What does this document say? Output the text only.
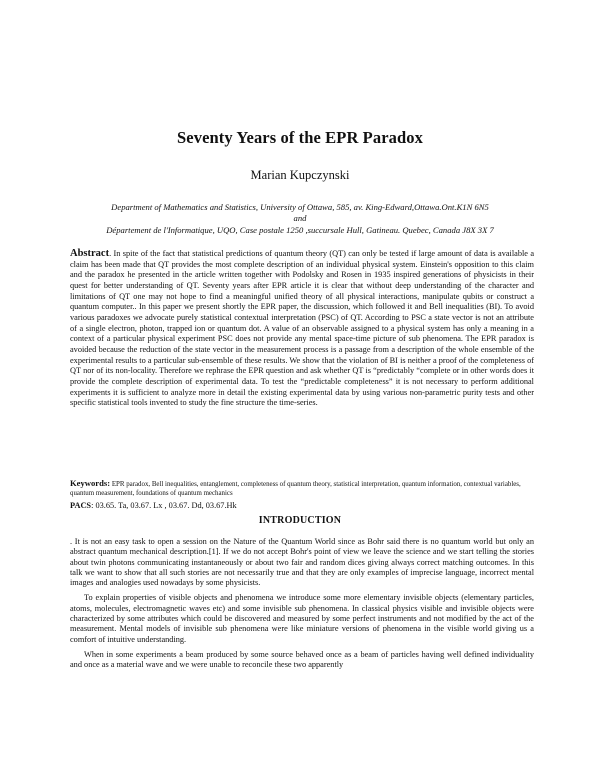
Seventy Years of the EPR Paradox
Marian Kupczynski
Department of Mathematics and Statistics, University of Ottawa, 585, av. King-Edward,Ottawa.Ont.K1N 6N5
and
Département de l'Informatique, UQO, Case postale 1250 ,succursale Hull, Gatineau. Quebec, Canada J8X 3X 7
Abstract. In spite of the fact that statistical predictions of quantum theory (QT) can only be tested if large amount of data is available a claim has been made that QT provides the most complete description of an individual physical system. Einstein's opposition to this claim and the paradox he presented in the article written together with Podolsky and Rosen in 1935 inspired generations of physicists in their quest for better understanding of QT. Seventy years after EPR article it is clear that without deep understanding of the character and limitations of QT one may not hope to find a meaningful unified theory of all physical interactions, manipulate qubits or construct a quantum computer.. In this paper we present shortly the EPR paper, the discussion, which followed it and Bell inequalities (BI). To avoid various paradoxes we advocate purely statistical contextual interpretation (PSC) of QT. According to PSC a state vector is not an attribute of a single electron, photon, trapped ion or quantum dot. A value of an observable assigned to a physical system has only a meaning in a context of a particular physical experiment PSC does not provide any mental space-time picture of sub phenomena. The EPR paradox is avoided because the reduction of the state vector in the measurement process is a passage from a description of the whole ensemble of the experimental results to a particular sub-ensemble of these results. We show that the violation of BI is neither a proof of the completeness of QT nor of its non-locality. Therefore we rephrase the EPR question and ask whether QT is “predictably “complete or in other words does it provide the complete description of experimental data. To test the “predictable completeness” it is not necessary to perform additional experiments it is sufficient to analyze more in detail the existing experimental data by using various non-parametric purity tests and other specific statistical tools invented to study the fine structure the time-series.
Keywords: EPR paradox, Bell inequalities, entanglement, completeness of quantum theory, statistical interpretation, quantum information, contextual variables, quantum measurement, foundations of quantum mechanics
PACS: 03.65. Ta, 03.67. Lx , 03.67. Dd, 03.67.Hk
INTRODUCTION

. It is not an easy task to open a session on the Nature of the Quantum World since as Bohr said there is no quantum world but only an abstract quantum mechanical description.[1]. If we do not accept Bohr's point of view we leave the science and we start telling the stories about twin photons communicating instantaneously or about two fair and random dices giving always correct matching outcomes. In this talk we want to show that all such stories are not necessarily true and that they are only examples of imprecise language, incorrect mental images and analogies used nowadays by some physicists.

To explain properties of visible objects and phenomena we introduce some more elementary invisible objects (elementary particles, atoms, molecules, electromagnetic waves etc) and some invisible sub phenomena. In classical physics visible and invisible objects were characterized by some attributes which could be discovered and measured by some perfect instruments and not modified by the act of the measurement. Mental models of invisible sub phenomena were like miniature versions of phenomena in the visible world giving us a comfort of intuitive understanding.

When in some experiments a beam produced by some source behaved once as a beam of particles having well defined individuality and once as a material wave and we were unable to reconcile these two apparently
